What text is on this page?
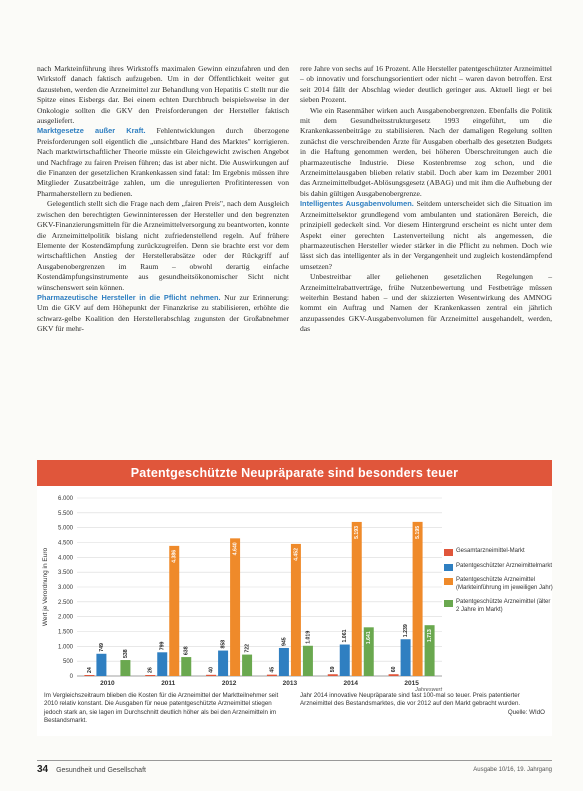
nach Markteinführung ihres Wirkstoffs maximalen Gewinn einzufahren und den Wirkstoff danach faktisch aufzugeben. Um in der Öffentlichkeit weiter gut dazustehen, werden die Arzneimittel zur Behandlung von Hepatitis C stellt nur die Spitze eines Eisbergs dar. Bei einem echten Durchbruch beispielsweise in der Onkologie sollten die GKV den Preisforderungen der Hersteller faktisch ausgeliefert.

Marktgesetze außer Kraft. Fehlentwicklungen durch überzogene Preisforderungen soll eigentlich die „unsichtbare Hand des Marktes" korrigieren. Nach marktwirtschaftlicher Theorie müsste ein Gleichgewicht zwischen Angebot und Nachfrage zu fairen Preisen führen; das ist aber nicht. Die Auswirkungen auf die Finanzen der gesetzlichen Krankenkassen sind fatal: Im Ergebnis müssen ihre Mitglieder Zusatzbeiträge zahlen, um die unregulierten Profitinteressen von Pharmaherstellern zu bedienen.

Gelegentlich stellt sich die Frage nach dem „fairen Preis", nach dem Ausgleich zwischen den berechtigten Gewinninteressen der Hersteller und den begrenzten GKV-Finanzierungsmitteln für die Arzneimittelversorgung zu beantworten, konnte die Arzneimittelpolitik bislang nicht zufriedenstellend regeln. Auf frühere Elemente der Kostendämpfung zurückzugreifen. Denn sie brachte erst vor dem wirtschaftlichen Anstieg der Herstellerabsätze oder der Rückgriff auf Ausgabenobergrenzen im Raum – obwohl derartig einfache Kostendämpfungsinstrumente aus gesundheitsökonomischer Sicht nicht wünschenswert sein können.

Pharmazeutische Hersteller in die Pflicht nehmen. Nur zur Erinnerung: Um die GKV auf dem Höhepunkt der Finanzkrise zu stabilisieren, erhöhte die schwarz-gelbe Koalition den Herstellerabschlag zugunsten der Großabnehmer GKV für mehr-

rere Jahre von sechs auf 16 Prozent. Alle Hersteller patentgeschützter Arzneimittel – ob innovativ und forschungsorientiert oder nicht – waren davon betroffen. Erst seit 2014 fällt der Abschlag wieder deutlich geringer aus. Aktuell liegt er bei sieben Prozent.

Wie ein Rasenmäher wirken auch Ausgabenobergrenzen. Ebenfalls die Politik mit dem Gesundheitsstrukturgesetz 1993 eingeführt, um die Krankenkassenbeiträge zu stabilisieren. Nach der damaligen Regelung sollten zunächst die verschreibenden Ärzte für Ausgaben oberhalb des gesetzten Budgets in die Haftung genommen werden, bei höheren Überschreitungen auch die pharmazeutische Industrie. Diese Kostenbremse zog schon, und die Arzneimittelausgaben blieben relativ stabil. Doch aber kam im Dezember 2001 das Arzneimittelbudget-Ablösungsgesetz (ABAG) und mit ihm die Aufhebung der bis dahin gültigen Ausgabenobergrenze.

Intelligentes Ausgabenvolumen. Seitdem unterscheidet sich die Situation im Arzneimittelsektor grundlegend vom ambulanten und stationären Bereich, die prinzipiell gedeckelt sind. Vor diesem Hintergrund erscheint es nicht unter dem Aspekt einer gerechten Lastenverteilung nicht als angemessen, die pharmazeutischen Hersteller wieder stärker in die Pflicht zu nehmen. Doch wie lässt sich das intelligenter als in der Vergangenheit und zugleich kostendämpfend umsetzen?

Unbestreitbar aller geliehenen gesetzlichen Regelungen – Arzneimittelrabattverträge, frühe Nutzenbewertung und Festbeträge müssen weiterhin Bestand haben – und der skizzierten Wesentwirkung des AMNOG kommt ein Auftrag und Namen der Krankenkassen zentral ein jährlich anzupassendes GKV-Ausgabenvolumen für Arzneimittel ausgehandelt, werden, das

Patentgeschützte Neupräparate sind besonders teuer
0
500
1.000
1.500
2.000
2.500
3.000
3.500
4.000
4.500
5.000
5.500
6.000
Wert je Verordnung in Euro
24
749
538
2010
26
799
4.386
638
2011
40
858
4.640
722
2012
45
945
4.452
1.019
2013
59
1.061
5.193
1.641
2014
60
1.239
5.195
1.713
2015
Jahreswert
Gesamtarzneimittel-Markt
Patentgeschützter Arzneimittelmarkt
Patentgeschützte Arzneimittel (Markteinführung im jeweiligen Jahr)
Patentgeschützte Arzneimittel (älter 2 Jahre im Markt)
Im Vergleichszeitraum blieben die Kosten für die Arzneimittel der Marktteilnehmer seit 2010 relativ konstant. Die Ausgaben für neue patentgeschützte Arzneimittel stiegen jedoch stark an, sie lagen im Durchschnitt deutlich höher als bei den Arzneimitteln im Bestandsmarkt.
Jahr 2014 innovative Neupräparate sind fast 100-mal so teuer. Preis patentierter Arzneimittel des Bestandsmarktes, die vor 2012 auf den Markt gebracht wurden.
Quelle: WIdO
34 Gesundheit und Gesellschaft	Ausgabe 10/16, 19. Jahrgang
